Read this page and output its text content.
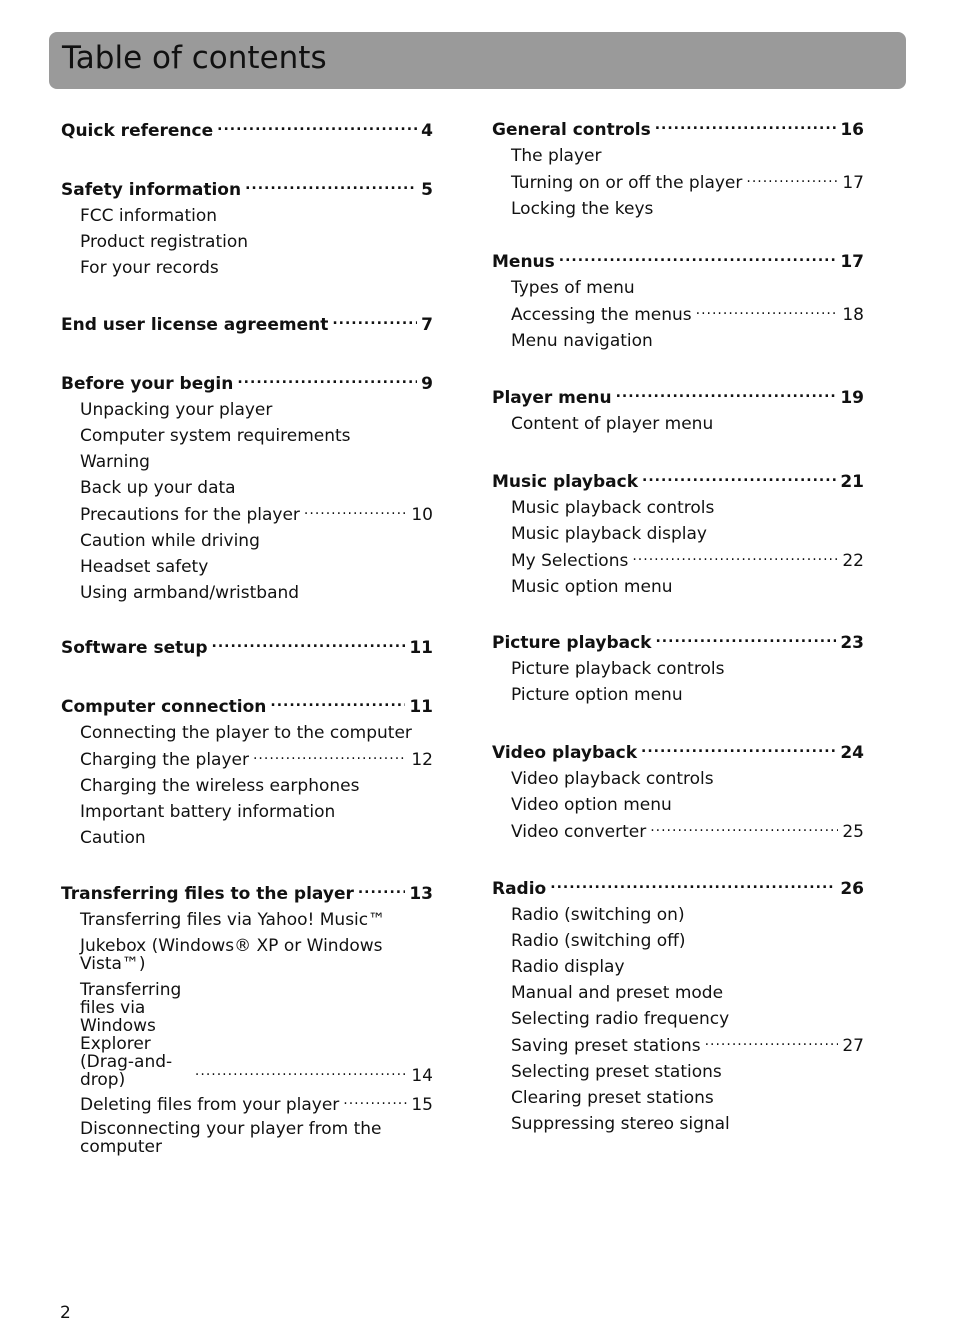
Table of contents
Quick reference .....	4
Safety information .....	5
FCC information
Product registration
For your records
End user license agreement .....	7
Before your begin .....	9
Unpacking your player
Computer system requirements
Warning
Back up your data
Precautions for the player .....	10
Caution while driving
Headset safety
Using armband/wristband
Software setup .....	11
Computer connection .....	11
Connecting the player to the computer
Charging the player .....	12
Charging the wireless earphones
Important battery information
Caution
Transferring files to the player .....	13
Transferring files via Yahoo! Music™
Jukebox (Windows® XP or Windows Vista™)
Transferring files via Windows Explorer (Drag-and-drop) .....	14
Deleting files from your player .....	15
Disconnecting your player from the computer
General controls .....	16
The player
Turning on or off the player .....	17
Locking the keys
Menus .....	17
Types of menu
Accessing the menus .....	18
Menu navigation
Player menu .....	19
Content of player menu
Music playback .....	21
Music playback controls
Music playback display
My Selections .....	22
Music option menu
Picture playback .....	23
Picture playback controls
Picture option menu
Video playback .....	24
Video playback controls
Video option menu
Video converter .....	25
Radio .....	26
Radio (switching on)
Radio (switching off)
Radio display
Manual and preset mode
Selecting radio frequency
Saving preset stations .....	27
Selecting preset stations
Clearing preset stations
Suppressing stereo signal
2
